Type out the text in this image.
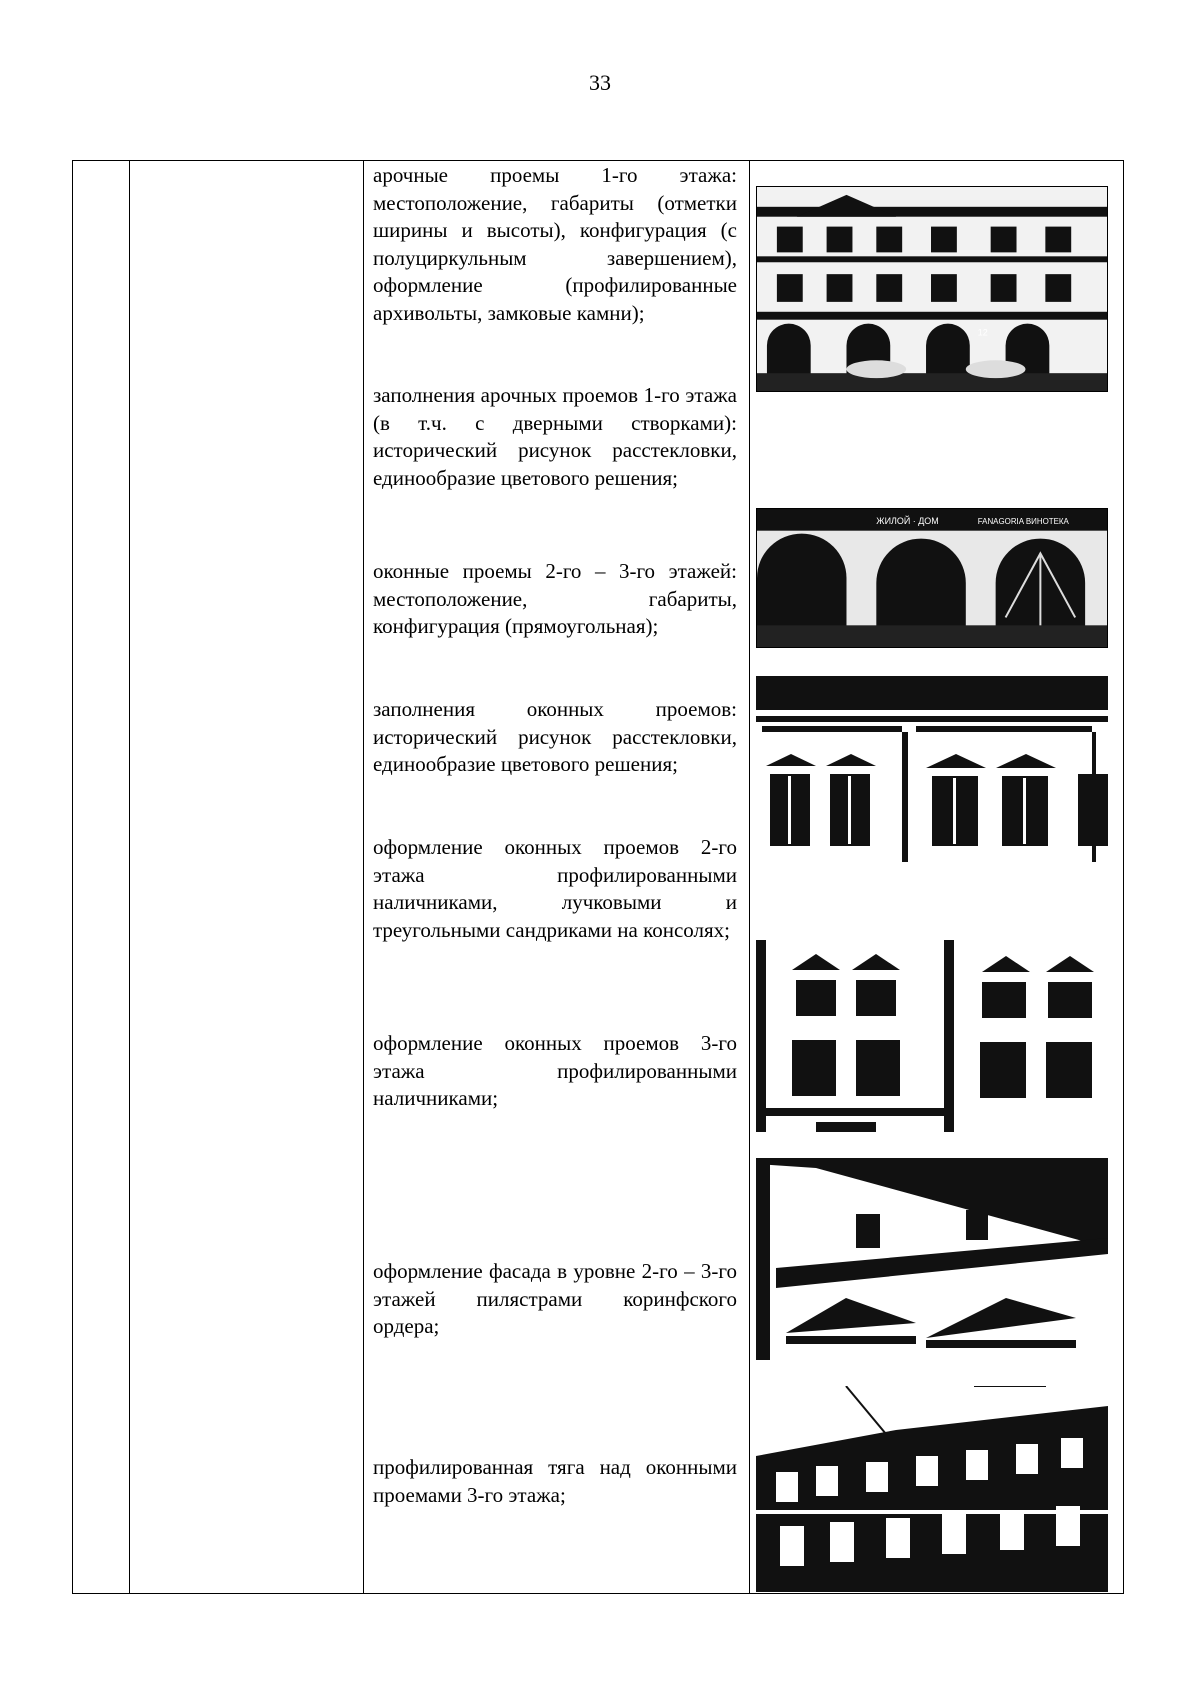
33
арочные проемы 1-го этажа: местоположение, габариты (отметки ширины и высоты), конфигурация (с полуциркульным завершением), оформление (профилированные архивольты, замковые камни);
заполнения арочных проемов 1-го этажа (в т.ч. с дверными створками): исторический рисунок расстекловки, единообразие цветового решения;
оконные проемы 2-го – 3-го этажей: местоположение, габариты, конфигурация (прямоугольная);
заполнения оконных проемов: исторический рисунок расстекловки, единообразие цветового решения;
оформление оконных проемов 2-го этажа профилированными наличниками, лучковыми и треугольными сандриками на консолях;
оформление оконных проемов 3-го этажа профилированными наличниками;
оформление фасада в уровне 2-го – 3-го этажей пилястрами коринфского ордера;
профилированная тяга над оконными проемами 3-го этажа;
12
ЖИЛОЙ · ДОМ	FANAGORIA ВИНОТЕКА
